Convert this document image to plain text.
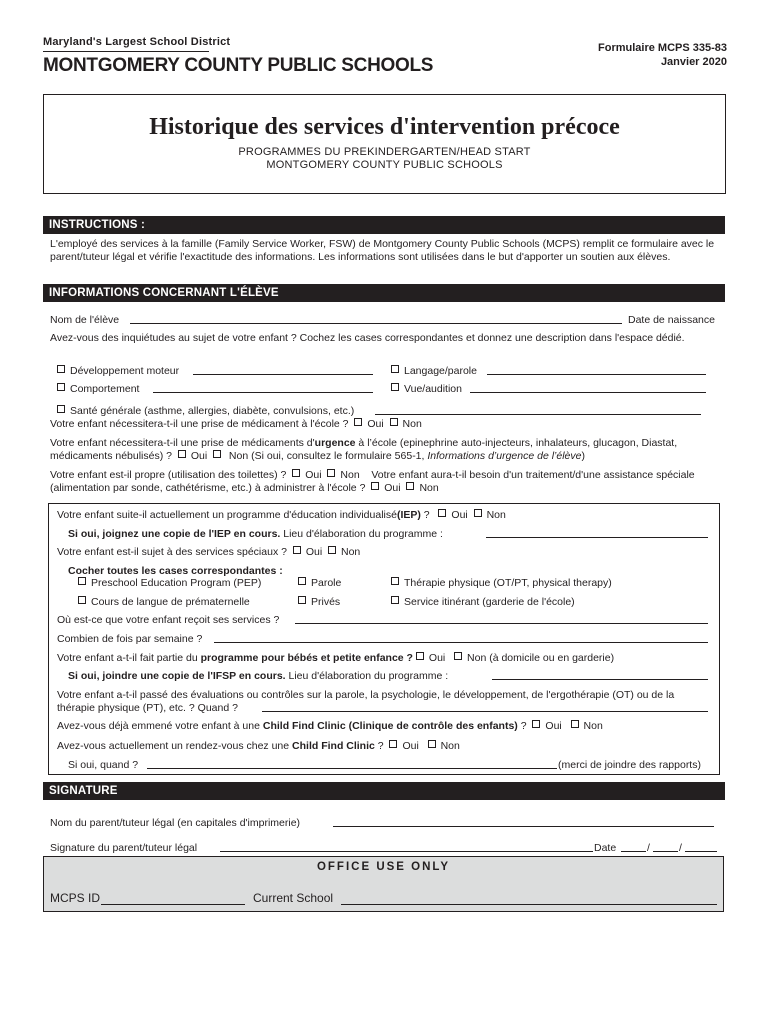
Maryland's Largest School District
MONTGOMERY COUNTY PUBLIC SCHOOLS
Formulaire MCPS 335-83
Janvier 2020
Historique des services d'intervention précoce
PROGRAMMES DU PREKINDERGARTEN/HEAD START
MONTGOMERY COUNTY PUBLIC SCHOOLS
INSTRUCTIONS :
L'employé des services à la famille (Family Service Worker, FSW) de Montgomery County Public Schools (MCPS) remplit ce formulaire avec le parent/tuteur légal et vérifie l'exactitude des informations. Les informations sont utilisées dans le but d'apporter un soutien aux élèves.
INFORMATIONS CONCERNANT L'ÉLÈVE
Nom de l'élève	Date de naissance
Avez-vous des inquiétudes au sujet de votre enfant ? Cochez les cases correspondantes et donnez une description dans l'espace dédié.
Développement moteur	Langage/parole
Comportement	Vue/audition
Santé générale (asthme, allergies, diabète, convulsions, etc.)
Votre enfant nécessitera-t-il une prise de médicament à l'école ? Oui Non
Votre enfant nécessitera-t-il une prise de médicaments d'urgence à l’école (epinephrine auto-injecteurs, inhalateurs, glucagon, Diastat, médicaments nébulisés) ? Oui   Non (Si oui, consultez le formulaire 565-1, Informations d’urgence de l’élève)
Votre enfant est-il propre (utilisation des toilettes) ? Oui Non Votre enfant aura-t-il besoin d'un traitement/d'une assistance spéciale (alimentation par sonde, cathétérisme, etc.) à administrer à l'école ? Oui Non
Votre enfant suite-il actuellement un programme d'éducation individualisé(IEP) ? Oui Non
Si oui, joignez une copie de l'IEP en cours. Lieu d'élaboration du programme :
Votre enfant est-il sujet à des services spéciaux ? Oui Non
Cocher toutes les cases correspondantes :
Preschool Education Program (PEP)	Parole	Thérapie physique (OT/PT, physical therapy)
Cours de langue de prématernelle	Privés	Service itinérant (garderie de l'école)
Où est-ce que votre enfant reçoit ses services ?
Combien de fois par semaine ?
Votre enfant a-t-il fait partie du programme pour bébés et petite enfance ? Oui Non (à domicile ou en garderie)
Si oui, joindre une copie de l'IFSP en cours. Lieu d'élaboration du programme :
Votre enfant a-t-il passé des évaluations ou contrôles sur la parole, la psychologie, le développement, de l'ergothérapie (OT) ou de la thérapie physique (PT), etc. ? Quand ?
Avez-vous déjà emmené votre enfant à une Child Find Clinic (Clinique de contrôle des enfants) ? Oui Non
Avez-vous actuellement un rendez-vous chez une Child Find Clinic ? Oui Non
Si oui, quand ?	(merci de joindre des rapports)
SIGNATURE
Nom du parent/tuteur légal (en capitales d'imprimerie)
Signature du parent/tuteur légal	Date	/	/
OFFICE USE ONLY
MCPS ID	Current School
